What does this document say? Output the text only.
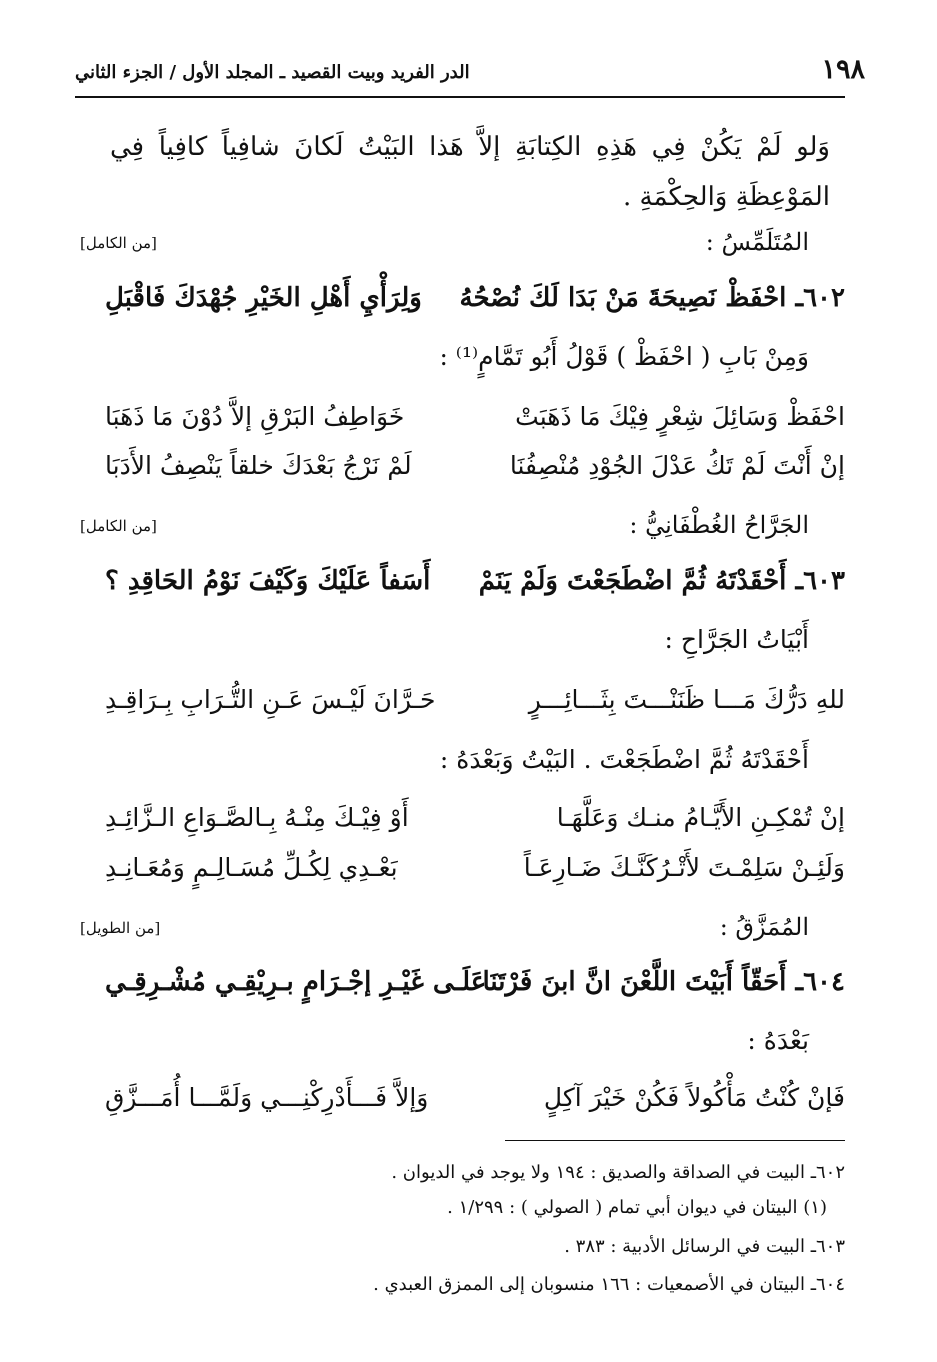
١٩٨
الدر الفريد وبيت القصيد ـ المجلد الأول / الجزء الثاني
وَلو لَمْ يَكُنْ فِي هَذِهِ الكِتابَةِ إلاَّ هَذا البَيْتُ لَكانَ شافِياً كافِياً فِي المَوْعِظَةِ وَالحِكْمَةِ .
المُتَلَمِّسُ :
[من الكامل]
٦٠٢ـ احْفَظْ نَصِيحَةَ مَنْ بَدَا لَكَ نُصْحُهُ
وَلِرَأْيِ أَهْلِ الخَيْرِ جُهْدَكَ فَاقْبَلِ
وَمِنْ بَابِ ( احْفَظْ ) قَوْلُ أَبُو تَمَّامٍ⁽¹⁾ :
احْفَظْ وَسَائِلَ شِعْرٍ فِيْكَ مَا ذَهَبَتْ
خَوَاطِفُ البَرْقِ إلاَّ دُوْنَ مَا ذَهَبَا
إنْ أَنْتَ لَمْ تَكُ عَدْلَ الجُوْدِ مُنْصِفُنَا
لَمْ نَرْجُ بَعْدَكَ خلقاً يَنْصِفُ الأَدَبَا
الجَرَّاحُ الغُطْفَانِيُّ :
[من الكامل]
٦٠٣ـ أَحْقَدْتَهُ ثُمَّ اضْطَجَعْتَ وَلَمْ يَنَمْ
أَسَفاً عَلَيْكَ وَكَيْفَ نَوْمُ الحَاقِدِ ؟
أَبْيَاتُ الجَرَّاحِ :
للهِ دَرُّكَ مَـــا ظَنَنْـــتَ بِثَـــائِـــرٍ
حَـرَّانَ لَيْـسَ عَـنِ التُّـرَابِ بِـرَاقِـدِ
أَحْقَدْتَهُ ثُمَّ اضْطَجَعْتَ . البَيْتُ وَبَعْدَهُ :
إنْ تُمْكِـنِ الأَيَّـامُ منـك وَعَلَّهَـا
أَوْ فِيْـكَ مِنْـهُ بِـالصَّـوَاعِ الـزَّائِـدِ
وَلَئِـنْ سَلِمْـتَ لأَتْـرُكَنَّـكَ ضَـارِعَـاً
بَعْـدِي لِكُـلِّ مُسَـالِـمٍ وَمُعَـانِـدِ
المُمَزَّقُ :
[من الطويل]
٦٠٤ـ أَحَقّاً أَبَيْتَ اللَّعْنَ انَّ ابنَ فَرْتَنَا
عَلَـى غَيْـرِ إجْـرَامٍ بـرِيْقِـي مُشْـرِقِـي
بَعْدَهُ :
فَإنْ كُنْتُ مَأْكُولاً فَكُنْ خَيْرَ آكِلٍ
وَإلاَّ فَـــأَدْرِكْنِـــي وَلَمَّـــا أُمَـــزَّقِ
٦٠٢ـ البيت في الصداقة والصديق : ١٩٤ ولا يوجد في الديوان .
(١) البيتان في ديوان أبي تمام ( الصولي ) : ١/٢٩٩ .
٦٠٣ـ البيت في الرسائل الأدبية : ٣٨٣ .
٦٠٤ـ البيتان في الأصمعيات : ١٦٦ منسوبان إلى الممزق العبدي .
